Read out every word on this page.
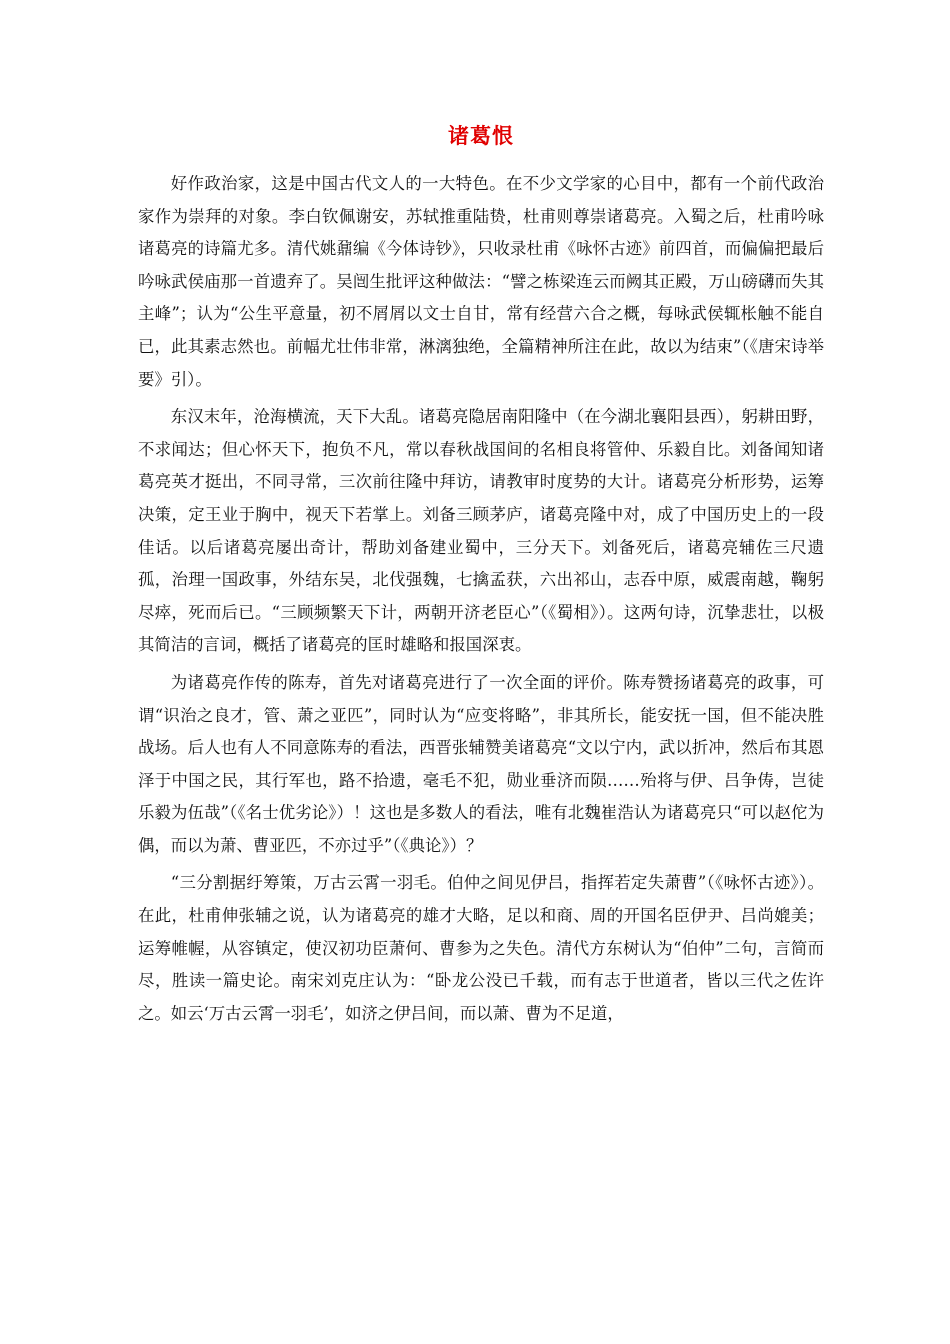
诸葛恨

好作政治家，这是中国古代文人的一大特色。在不少文学家的心目中，都有一个前代政治家作为崇拜的对象。李白钦佩谢安，苏轼推重陆贽，杜甫则尊崇诸葛亮。入蜀之后，杜甫吟咏诸葛亮的诗篇尤多。清代姚鼐编《今体诗钞》，只收录杜甫《咏怀古迹》前四首，而偏偏把最后吟咏武侯庙那一首遗弃了。吴闿生批评这种做法：“譬之栋梁连云而阙其正殿，万山磅礴而失其主峰”；认为“公生平意量，初不屑屑以文士自甘，常有经营六合之概，每咏武侯辄枨触不能自已，此其素志然也。前幅尤壮伟非常，淋漓独绝，全篇精神所注在此，故以为结束”（《唐宋诗举要》引）。

东汉末年，沧海横流，天下大乱。诸葛亮隐居南阳隆中（在今湖北襄阳县西），躬耕田野，不求闻达；但心怀天下，抱负不凡，常以春秋战国间的名相良将管仲、乐毅自比。刘备闻知诸葛亮英才挺出，不同寻常，三次前往隆中拜访，请教审时度势的大计。诸葛亮分析形势，运筹决策，定王业于胸中，视天下若掌上。刘备三顾茅庐，诸葛亮隆中对，成了中国历史上的一段佳话。以后诸葛亮屡出奇计，帮助刘备建业蜀中，三分天下。刘备死后，诸葛亮辅佐三尺遗孤，治理一国政事，外结东吴，北伐强魏，七擒孟获，六出祁山，志吞中原，威震南越，鞠躬尽瘁，死而后已。“三顾频繁天下计，两朝开济老臣心”（《蜀相》）。这两句诗，沉挚悲壮，以极其简洁的言词，概括了诸葛亮的匡时雄略和报国深衷。

为诸葛亮作传的陈寿，首先对诸葛亮进行了一次全面的评价。陈寿赞扬诸葛亮的政事，可谓“识治之良才，管、萧之亚匹”，同时认为“应变将略”，非其所长，能安抚一国，但不能决胜战场。后人也有人不同意陈寿的看法，西晋张辅赞美诸葛亮“文以宁内，武以折冲，然后布其恩泽于中国之民，其行军也，路不拾遗，毫毛不犯，勋业垂济而陨……殆将与伊、吕争俦，岂徒乐毅为伍哉”（《名士优劣论》）！这也是多数人的看法，唯有北魏崔浩认为诸葛亮只“可以赵佗为偶，而以为萧、曹亚匹，不亦过乎”（《典论》）？

“三分割据纡筹策，万古云霄一羽毛。伯仲之间见伊吕，指挥若定失萧曹”（《咏怀古迹》）。在此，杜甫伸张辅之说，认为诸葛亮的雄才大略，足以和商、周的开国名臣伊尹、吕尚媲美；运筹帷幄，从容镇定，使汉初功臣萧何、曹参为之失色。清代方东树认为“伯仲”二句，言简而尽，胜读一篇史论。南宋刘克庄认为：“卧龙公没已千载，而有志于世道者，皆以三代之佐许之。如云‘万古云霄一羽毛’，如济之伊吕间，而以萧、曹为不足道，
